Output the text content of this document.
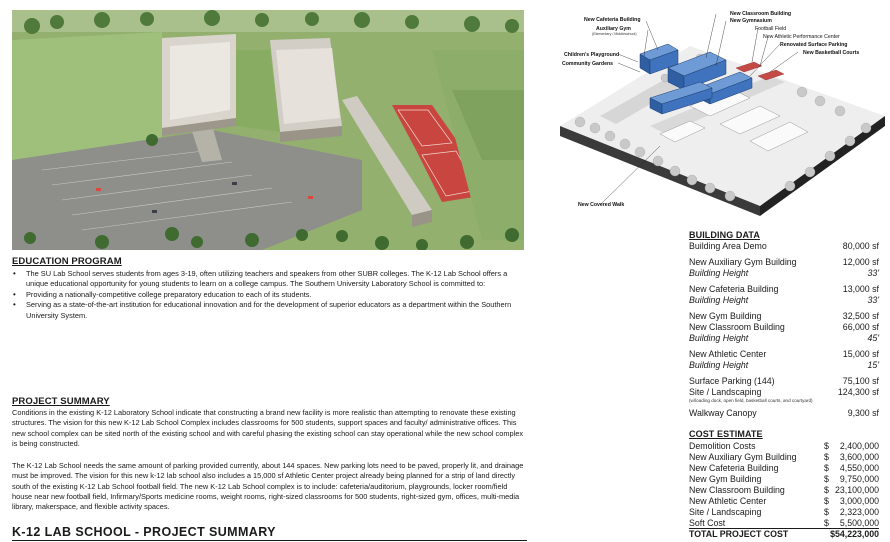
New Cafeteria Building
Auxiliary Gym
(Elementary / Middleschool)
Children's Playground
Community Gardens
New Classroom Building
New Gymnasium
Football Field
New Athletic Performance Center
Renovated Surface Parking
New Basketball Courts
New Covered Walk
EDUCATION PROGRAM
• The SU Lab School serves students from ages 3-19, often utilizing teachers and speakers from other SUBR colleges. The K-12 Lab School offers a unique educational opportunity for young students to learn on a college campus. The Southern University Laboratory School is committed to:
• Providing a nationally-competitive college preparatory education to each of its students.
• Serving as a state-of-the-art institution for educational innovation and for the development of superior educators as a department within the Southern University System.
PROJECT SUMMARY
Conditions in the existing K-12 Laboratory School indicate that constructing a brand new facility is more realistic than attempting to renovate these existing structures. The vision for this new K-12 Lab School Complex includes classrooms for 500 students, support spaces and faculty/ administrative offices. This new school complex can be sited north of the existing school and with careful phasing the existing school can stay operational while the new school complex is being constructed.
The K-12 Lab School needs the same amount of parking provided currently, about 144 spaces. New parking lots need to be paved, properly lit, and drainage must be improved. The vision for this new k-12 lab school also includes a 15,000 sf Athletic Center project already being planned for a strip of land directly south of the existing K-12 Lab School football field. The new K-12 Lab School complex is to include: cafeteria/auditorium, playgrounds, locker room/field house near new football field, Infirmary/Sports medicine rooms, weight rooms, right-sized classrooms for 500 students, right-sized gym, offices, multi-media library, makerspace, and flexible activity spaces.
K-12 LAB SCHOOL - PROJECT SUMMARY
BUILDING DATA
Building Area Demo	80,000 sf
New Auxiliary Gym Building	12,000 sf
Building Height	33'
New Cafeteria Building	13,000 sf
Building Height	33'
New Gym Building	32,500 sf
New Classroom Building	66,000 sf
Building Height	45'
New Athletic Center	15,000 sf
Building Height	15'
Surface Parking (144)	75,100 sf
Site / Landscaping	124,300 sf
(w/loading dock, open field, basketball courts, and courtyard)
Walkway Canopy	9,300 sf
COST ESTIMATE
Demolition Costs	$ 2,400,000
New Auxiliary Gym Building	$ 3,600,000
New Cafeteria Building	$ 4,550,000
New Gym Building	$ 9,750,000
New Classroom Building	$ 23,100,000
New Athletic Center	$ 3,000,000
Site / Landscaping	$ 2,323,000
Soft Cost	$ 5,500,000
TOTAL PROJECT COST	$54,223,000
